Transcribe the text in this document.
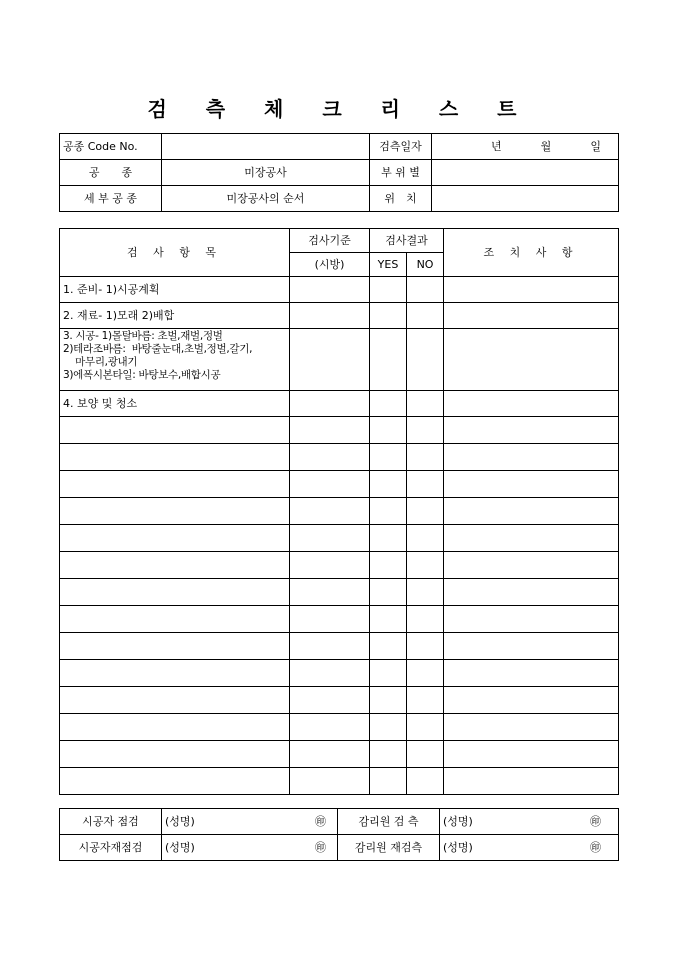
검 측 체 크 리 스 트
공종 Code No.		검측일자	년 월 일

공　　종	미장공사	부 위 별	
세 부 공 종	미장공사의 순서	위　치	
검 사 항 목	검사기준	검사결과		조 치 사 항
	(시방)	YES	NO	
1. 준비- 1)시공계획				
2. 재료- 1)모래 2)배합				

3. 시공- 1)몰탈바름: 초벌,재벌,정벌
2)테라조바름:  바탕줄눈대,초벌,정벌,갈기,
마무리,광내기
3)에폭시본타일: 바탕보수,배합시공				

4. 보양 및 청소				

시공자 점검	(성명) ㊞	감리원 검 측	(성명) ㊞

시공자재점검	(성명) ㊞	감리원 재검측	(성명) ㊞
